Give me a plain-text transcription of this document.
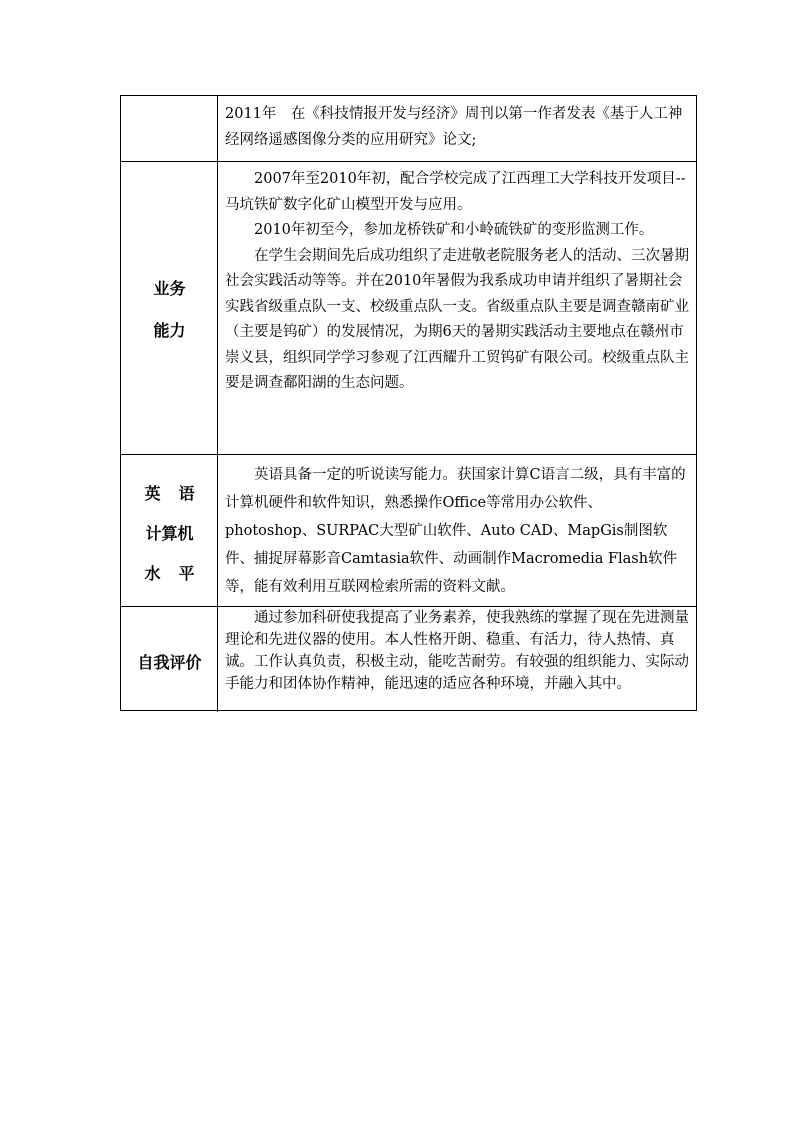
2011年　在《科技情报开发与经济》周刊以第一作者发表《基于人工神经网络遥感图像分类的应用研究》论文;

业务
能力

2007年至2010年初，配合学校完成了江西理工大学科技开发项目--马坑铁矿数字化矿山模型开发与应用。

2010年初至今，参加龙桥铁矿和小岭硫铁矿的变形监测工作。

在学生会期间先后成功组织了走进敬老院服务老人的活动、三次暑期社会实践活动等等。并在2010年暑假为我系成功申请并组织了暑期社会实践省级重点队一支、校级重点队一支。省级重点队主要是调查赣南矿业（主要是钨矿）的发展情况，为期6天的暑期实践活动主要地点在赣州市崇义县，组织同学学习参观了江西耀升工贸钨矿有限公司。校级重点队主要是调查鄱阳湖的生态问题。

英语
计算机
水平

英语具备一定的听说读写能力。获国家计算C语言二级，具有丰富的计算机硬件和软件知识，熟悉操作Office等常用办公软件、photoshop、SURPAC大型矿山软件、Auto CAD、MapGis制图软件、捕捉屏幕影音Camtasia软件、动画制作Macromedia Flash软件等，能有效利用互联网检索所需的资料文献。

自我评价

通过参加科研使我提高了业务素养，使我熟练的掌握了现在先进测量理论和先进仪器的使用。本人性格开朗、稳重、有活力，待人热情、真诚。工作认真负责，积极主动，能吃苦耐劳。有较强的组织能力、实际动手能力和团体协作精神，能迅速的适应各种环境，并融入其中。
